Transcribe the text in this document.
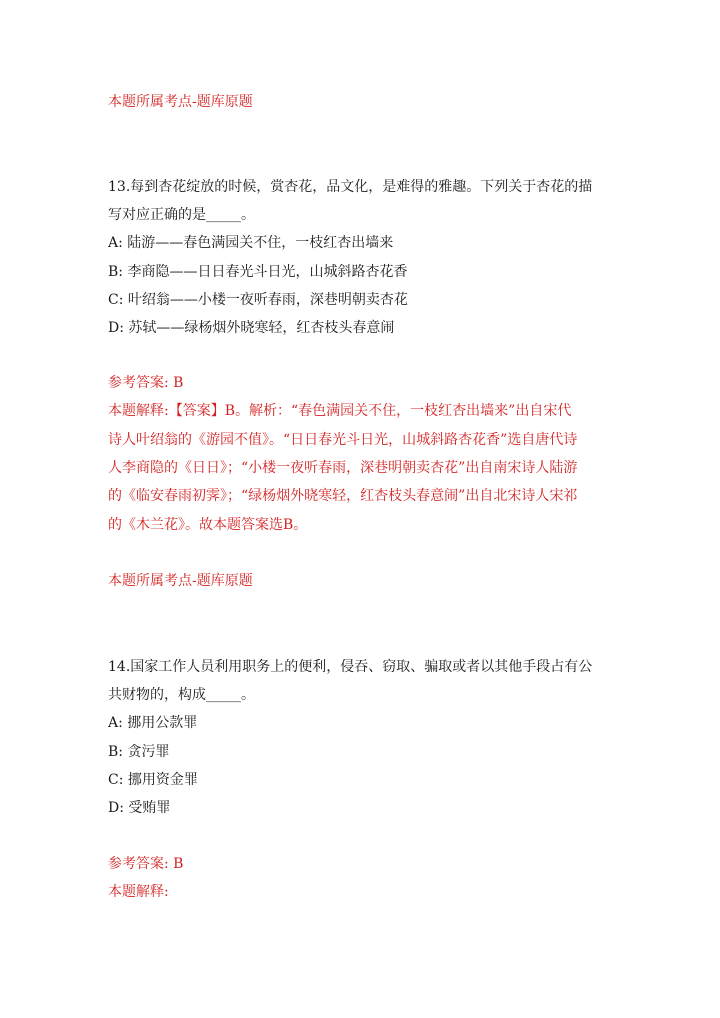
本题所属考点-题库原题
13.每到杏花绽放的时候，赏杏花，品文化，是难得的雅趣。下列关于杏花的描
写对应正确的是_____。
A: 陆游——春色满园关不住，一枝红杏出墙来
B: 李商隐——日日春光斗日光，山城斜路杏花香
C: 叶绍翁——小楼一夜听春雨，深巷明朝卖杏花
D: 苏轼——绿杨烟外晓寒轻，红杏枝头春意闹
参考答案: B
本题解释:【答案】B。解析：“春色满园关不住，一枝红杏出墙来”出自宋代
诗人叶绍翁的《游园不值》。“日日春光斗日光，山城斜路杏花香”选自唐代诗
人李商隐的《日日》；“小楼一夜听春雨，深巷明朝卖杏花”出自南宋诗人陆游
的《临安春雨初霁》；“绿杨烟外晓寒轻，红杏枝头春意闹”出自北宋诗人宋祁
的《木兰花》。故本题答案选B。
本题所属考点-题库原题
14.国家工作人员利用职务上的便利，侵吞、窃取、骗取或者以其他手段占有公
共财物的，构成_____。
A: 挪用公款罪
B: 贪污罪
C: 挪用资金罪
D: 受贿罪
参考答案: B
本题解释:
